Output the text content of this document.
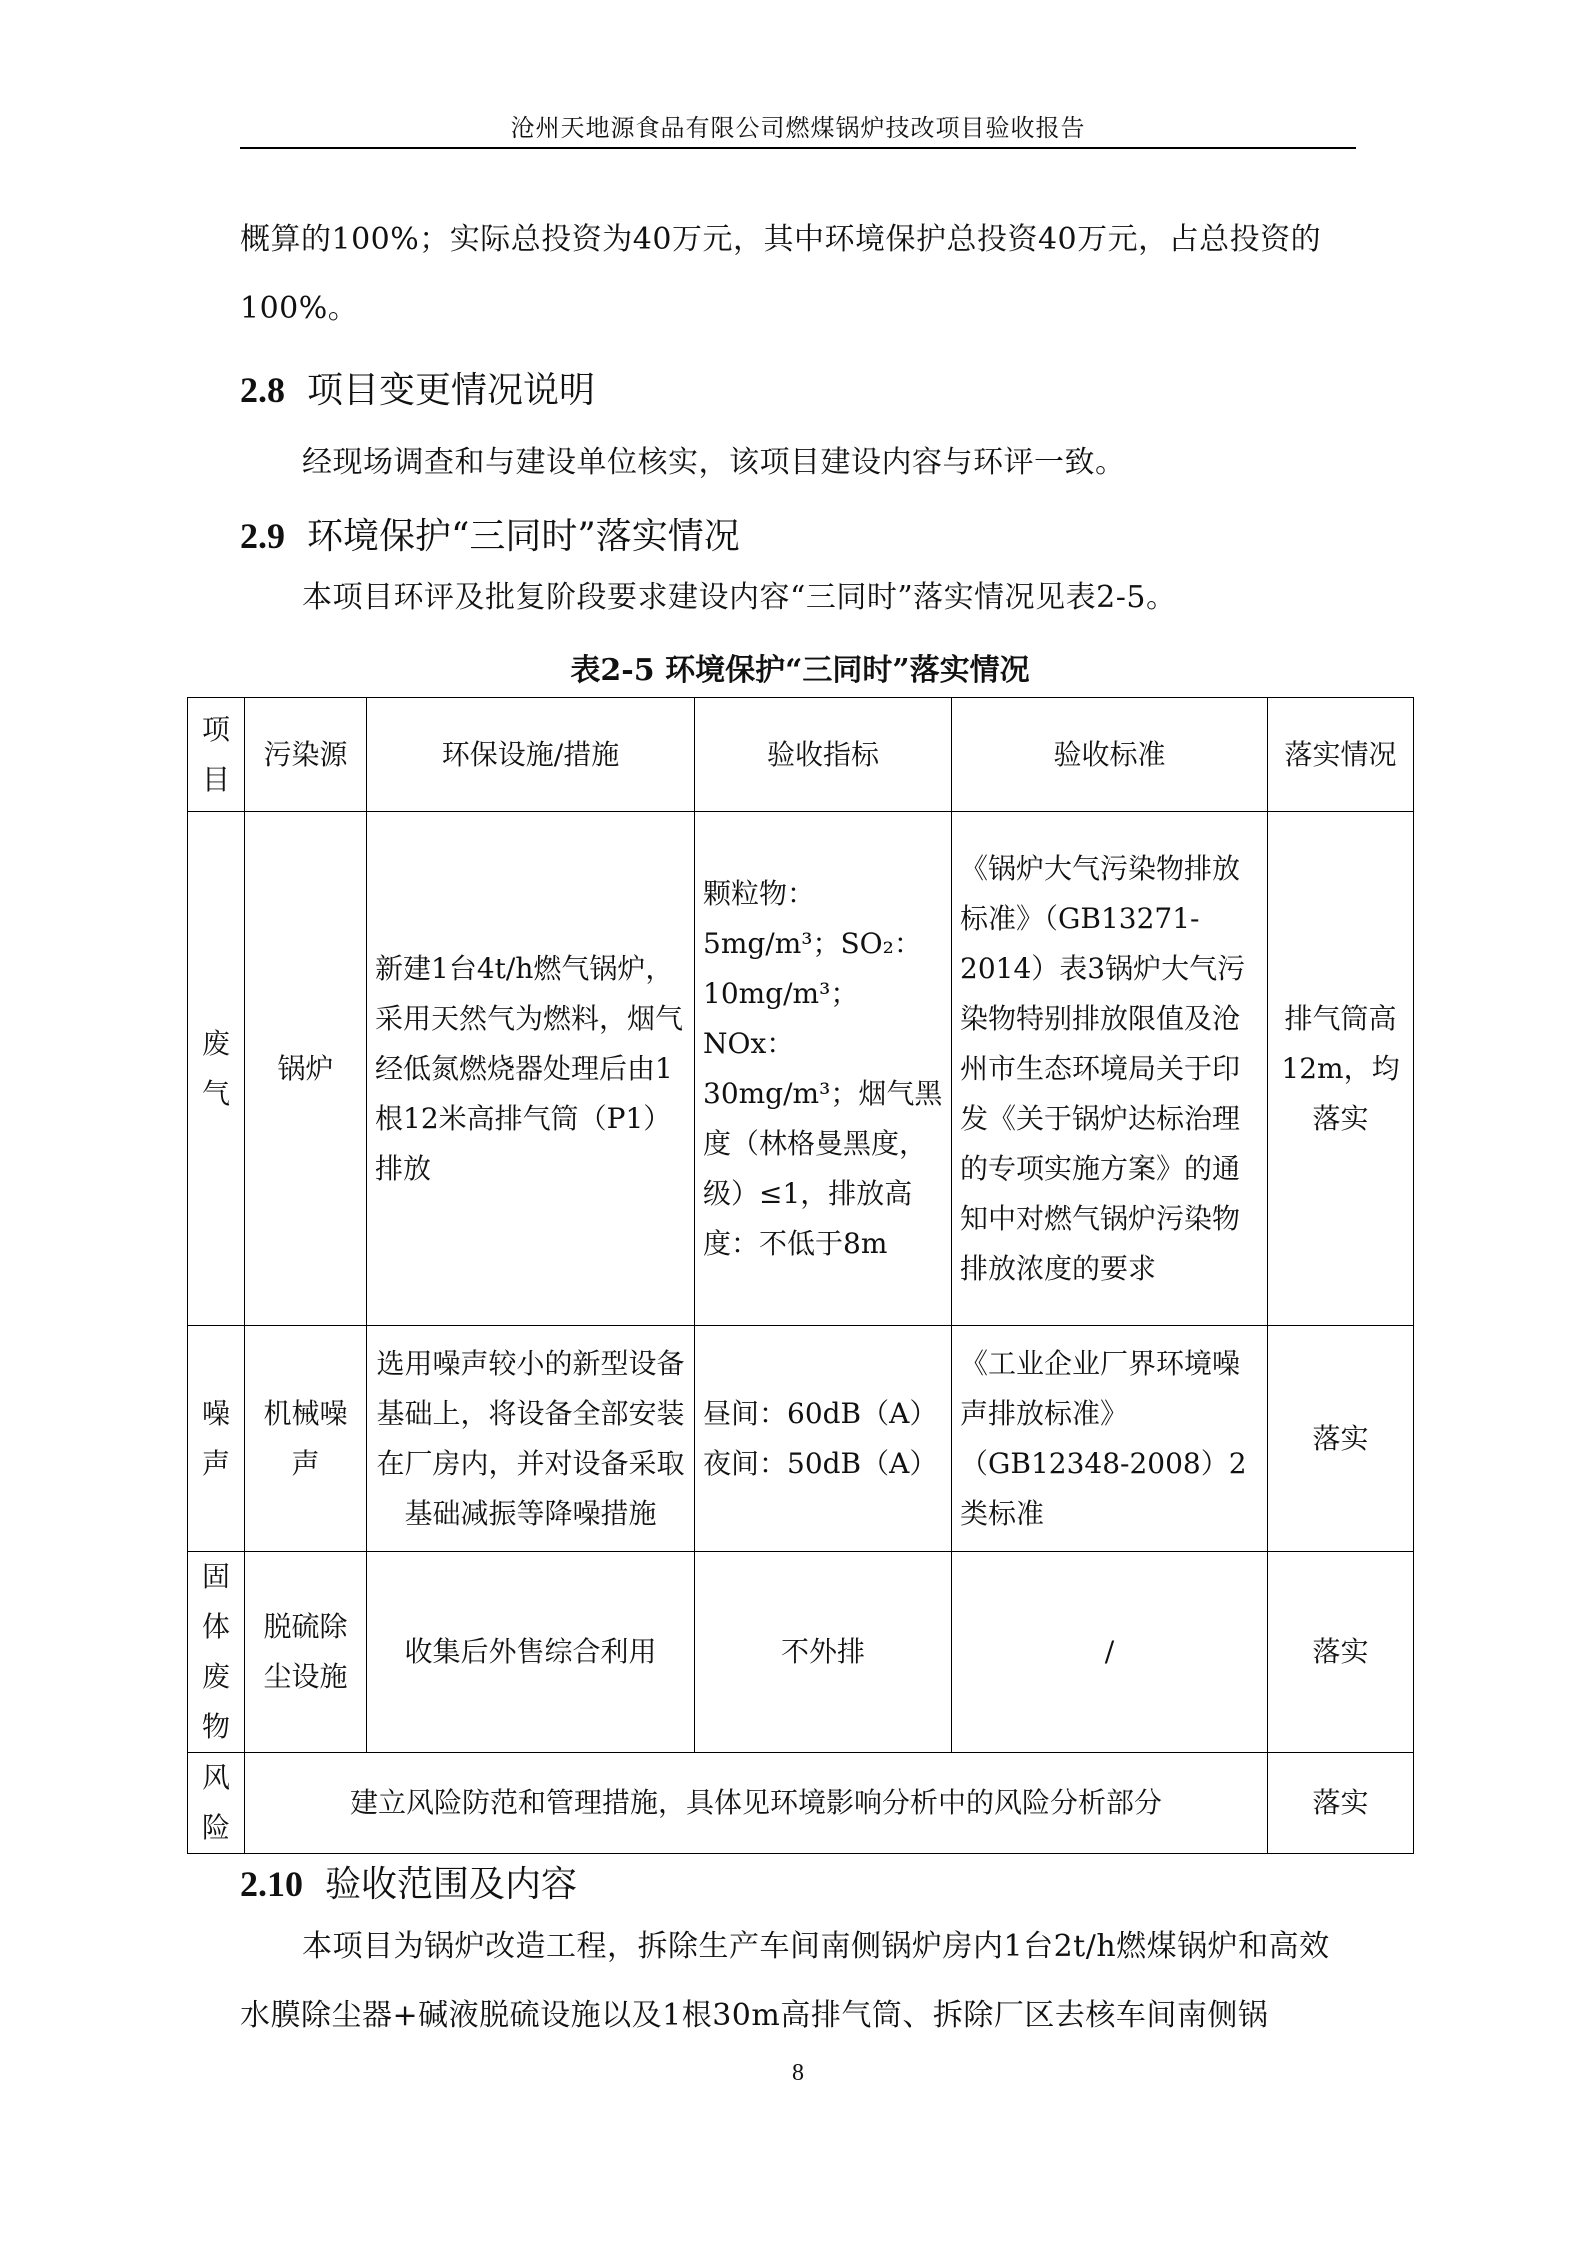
沧州天地源食品有限公司燃煤锅炉技改项目验收报告
概算的100%；实际总投资为40万元，其中环境保护总投资40万元，占总投资的100%。
2.8 项目变更情况说明
经现场调查和与建设单位核实，该项目建设内容与环评一致。
2.9 环境保护“三同时”落实情况
本项目环评及批复阶段要求建设内容“三同时”落实情况见表2-5。
表2-5 环境保护“三同时”落实情况
项目	污染源	环保设施/措施	验收指标	验收标准	落实情况
废气	锅炉	新建1台4t/h燃气锅炉，采用天然气为燃料，烟气经低氮燃烧器处理后由1根12米高排气筒（P1）排放	颗粒物：5mg/m³；SO₂：10mg/m³；NOx：30mg/m³；烟气黑度（林格曼黑度，级）≤1，排放高度：不低于8m	《锅炉大气污染物排放标准》（GB13271-2014）表3锅炉大气污染物特别排放限值及沧州市生态环境局关于印发《关于锅炉达标治理的专项实施方案》的通知中对燃气锅炉污染物排放浓度的要求	排气筒高12m，均落实
噪声	机械噪声	选用噪声较小的新型设备基础上，将设备全部安装在厂房内，并对设备采取基础减振等降噪措施	昼间：60dB（A）夜间：50dB（A）	《工业企业厂界环境噪声排放标准》（GB12348-2008）2类标准	落实
固体废物	脱硫除尘设施	收集后外售综合利用	不外排	/	落实
风险	建立风险防范和管理措施，具体见环境影响分析中的风险分析部分				落实
2.10 验收范围及内容
本项目为锅炉改造工程，拆除生产车间南侧锅炉房内1台2t/h燃煤锅炉和高效水膜除尘器+碱液脱硫设施以及1根30m高排气筒、拆除厂区去核车间南侧锅
8
